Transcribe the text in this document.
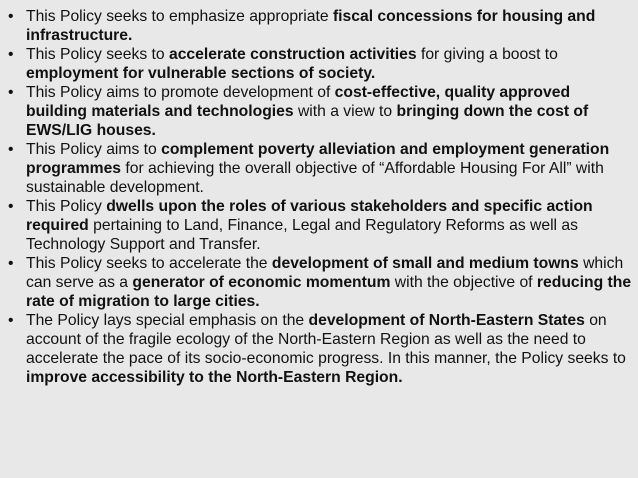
• This Policy seeks to emphasize appropriate fiscal concessions for housing and infrastructure.
• This Policy seeks to accelerate construction activities for giving a boost to employment for vulnerable sections of society.
• This Policy aims to promote development of cost-effective, quality approved building materials and technologies with a view to bringing down the cost of EWS/LIG houses.
• This Policy aims to complement poverty alleviation and employment generation programmes for achieving the overall objective of “Affordable Housing For All” with sustainable development.
• This Policy dwells upon the roles of various stakeholders and specific action required pertaining to Land, Finance, Legal and Regulatory Reforms as well as Technology Support and Transfer.
• This Policy seeks to accelerate the development of small and medium towns which can serve as a generator of economic momentum with the objective of reducing the rate of migration to large cities.
• The Policy lays special emphasis on the development of North-Eastern States on account of the fragile ecology of the North-Eastern Region as well as the need to accelerate the pace of its socio-economic progress. In this manner, the Policy seeks to improve accessibility to the North-Eastern Region.
